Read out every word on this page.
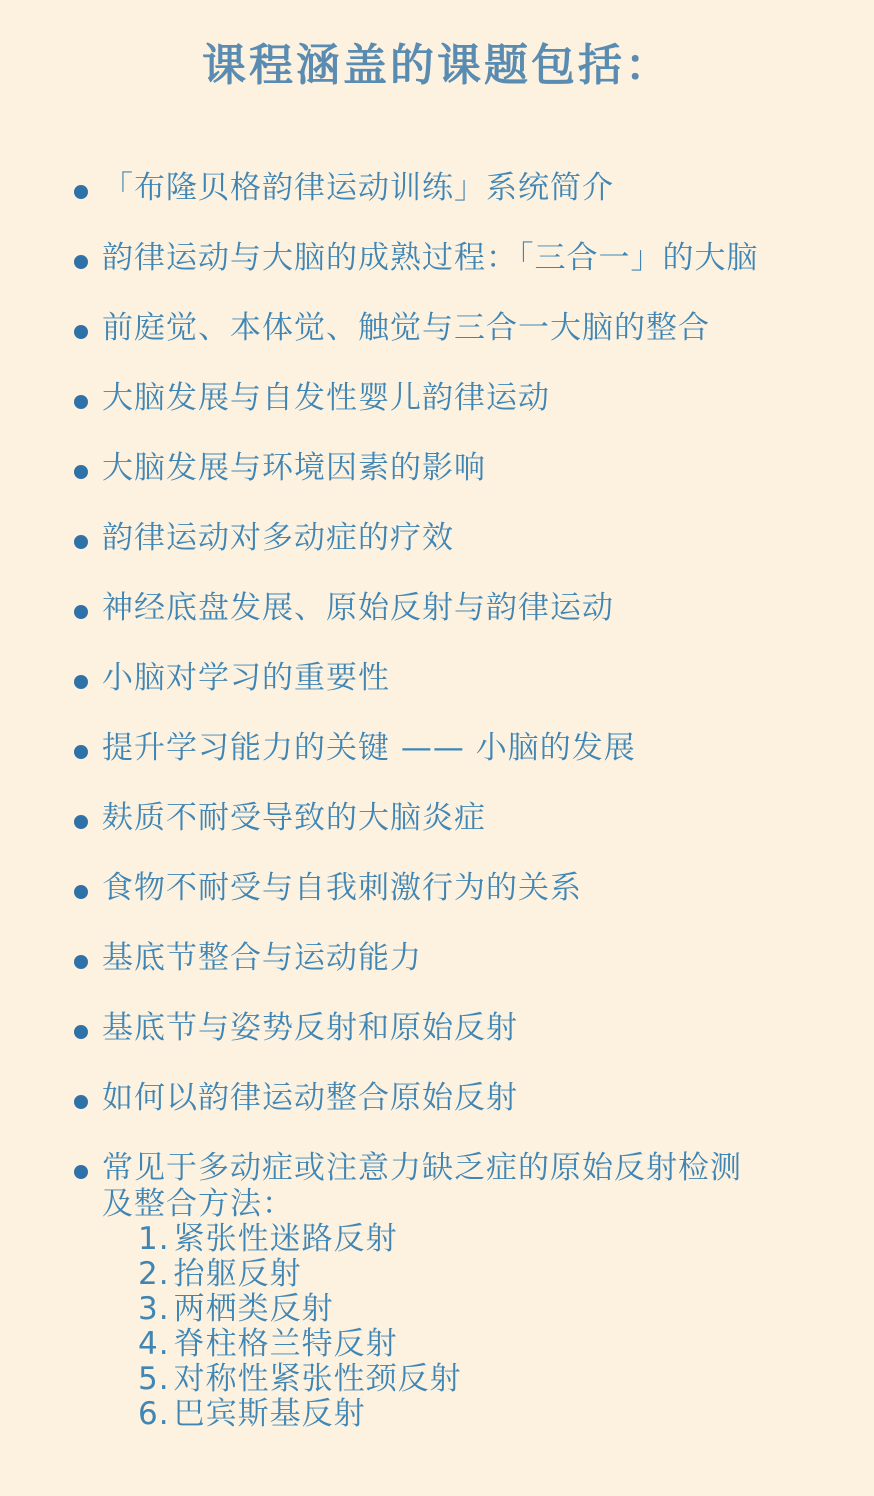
课程涵盖的课题包括：
「布隆贝格韵律运动训练」系统简介
韵律运动与大脑的成熟过程：「三合一」的大脑
前庭觉、本体觉、触觉与三合一大脑的整合
大脑发展与自发性婴儿韵律运动
大脑发展与环境因素的影响
韵律运动对多动症的疗效
神经底盘发展、原始反射与韵律运动
小脑对学习的重要性
提升学习能力的关键 —— 小脑的发展
麸质不耐受导致的大脑炎症
食物不耐受与自我刺激行为的关系
基底节整合与运动能力
基底节与姿势反射和原始反射
如何以韵律运动整合原始反射
常见于多动症或注意力缺乏症的原始反射检测及整合方法：
1. 紧张性迷路反射
2. 抬躯反射
3. 两栖类反射
4. 脊柱格兰特反射
5. 对称性紧张性颈反射
6. 巴宾斯基反射
